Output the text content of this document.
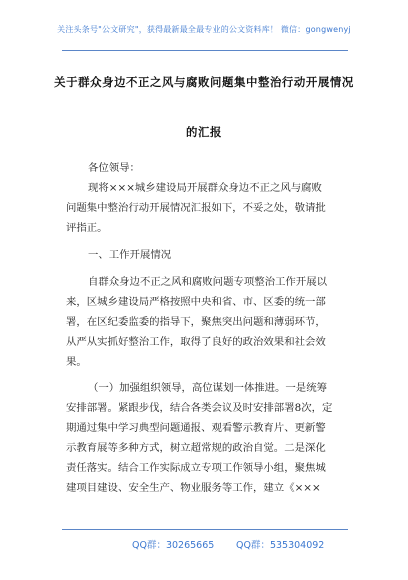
关注头条号"公文研究"，获得最新最全最专业的公文资料库！ 微信：gongwenyj
关于群众身边不正之风与腐败问题集中整治行动开展情况
的汇报
各位领导：
现将×××城乡建设局开展群众身边不正之风与腐败
问题集中整治行动开展情况汇报如下，不妥之处，敬请批
评指正。
一、工作开展情况
自群众身边不正之风和腐败问题专项整治工作开展以
来，区城乡建设局严格按照中央和省、市、区委的统一部
署，在区纪委监委的指导下，聚焦突出问题和薄弱环节，
从严从实抓好整治工作，取得了良好的政治效果和社会效
果。
（一）加强组织领导，高位谋划一体推进。一是统筹
安排部署。紧跟步伐，结合各类会议及时安排部署8次，定
期通过集中学习典型问题通报、观看警示教育片、更新警
示教育展等多种方式，树立超常规的政治自觉。二是深化
责任落实。结合工作实际成立专项工作领导小组，聚焦城
建项目建设、安全生产、物业服务等工作，建立《×××
QQ群：30265665 QQ群：535304092
